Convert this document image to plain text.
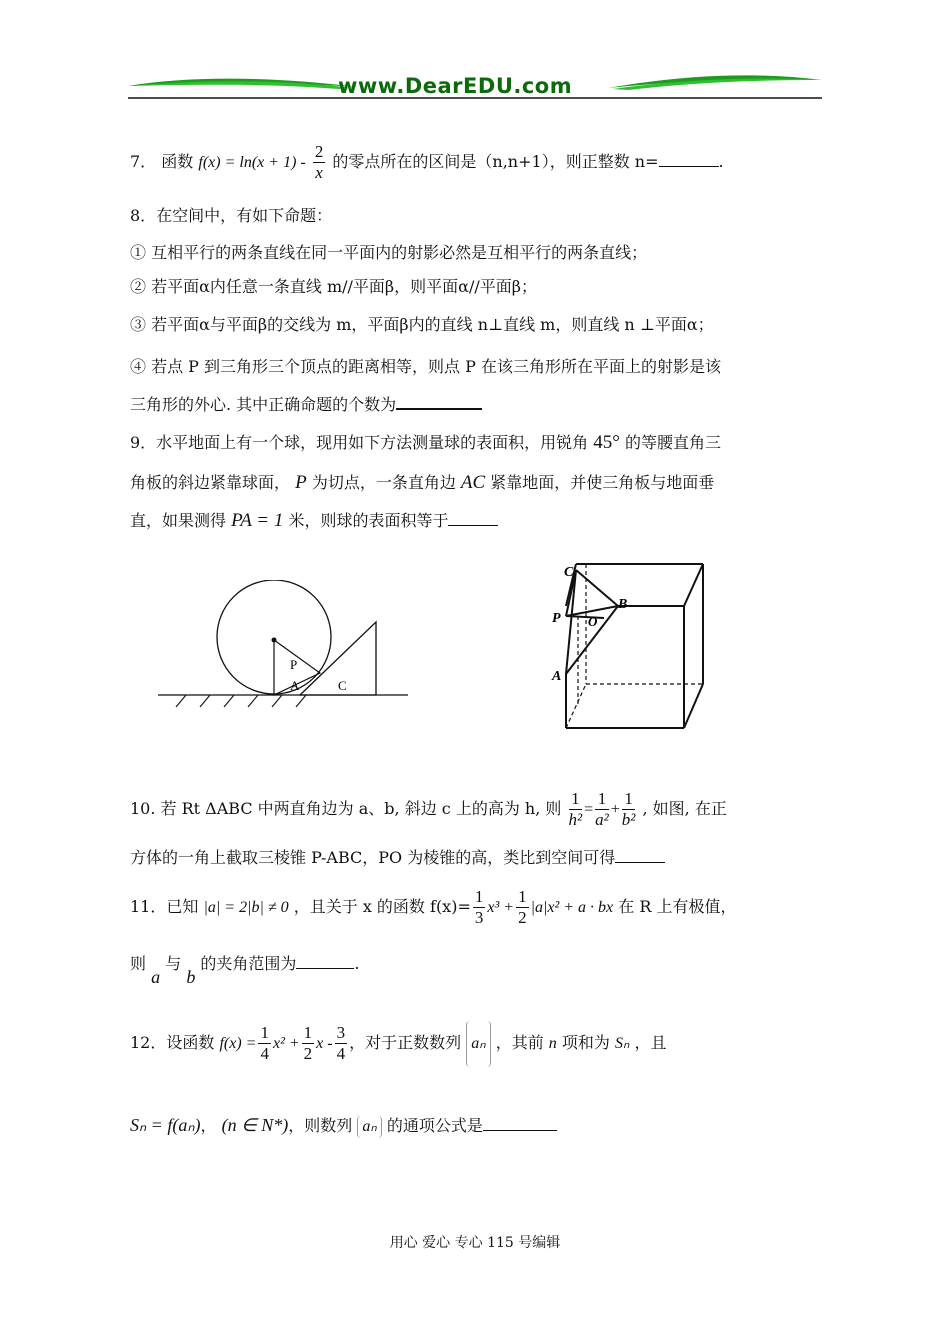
www.DearEDU.com
7． 函数 $f(x) = \ln(x + 1) - \frac{2}{x}$ 的零点所在的区间是（n,n+1），则正整数 n=	.
8．在空间中，有如下命题：
① 互相平行的两条直线在同一平面内的射影必然是互相平行的两条直线；
② 若平面α内任意一条直线 m//平面β，则平面α//平面β；
③ 若平面α与平面β的交线为 m，平面β内的直线 n⊥直线 m，则直线 n ⊥平面α；
④ 若点 P 到三角形三个顶点的距离相等，则点 P 在该三角形所在平面上的射影是该
三角形的外心. 其中正确命题的个数为
9．水平地面上有一个球，现用如下方法测量球的表面积，用锐角 45° 的等腰直角三
角板的斜边紧靠球面， P 为切点，一条直角边 AC 紧靠地面，并使三角板与地面垂
直，如果测得 PA = 1 米，则球的表面积等于
P
A	C
C
P
B
O
A
10. 若 Rt ΔABC 中两直角边为 a、b, 斜边 c 上的高为 h, 则 $\frac{1}{\text{h²}} = \frac{1}{\text{a²}} + \frac{1}{\text{b²}}$ , 如图, 在正
方体的一角上截取三棱锥 P-ABC，PO 为棱锥的高，类比到空间可得
11．已知 |a| = 2|b| ≠ 0 ，且关于 x 的函数 $f(x)= \frac{1}{3} x^3 + \frac{1}{2} |a|x^2 + a$ · bx 在 R 上有极值，
则 a 与 b 的夹角范围为	.
12．设函数 $f(x) = \frac{1}{4} x^2 + \frac{1}{2}$ x - $\frac{3}{4}$ ，对于正数数列 aₙ ，其前 n 项和为 Sₙ ，且
Sₙ = f(aₙ)， (n ∈ N*)，则数列 aₙ 的通项公式是
用心 爱心 专心 115 号编辑
